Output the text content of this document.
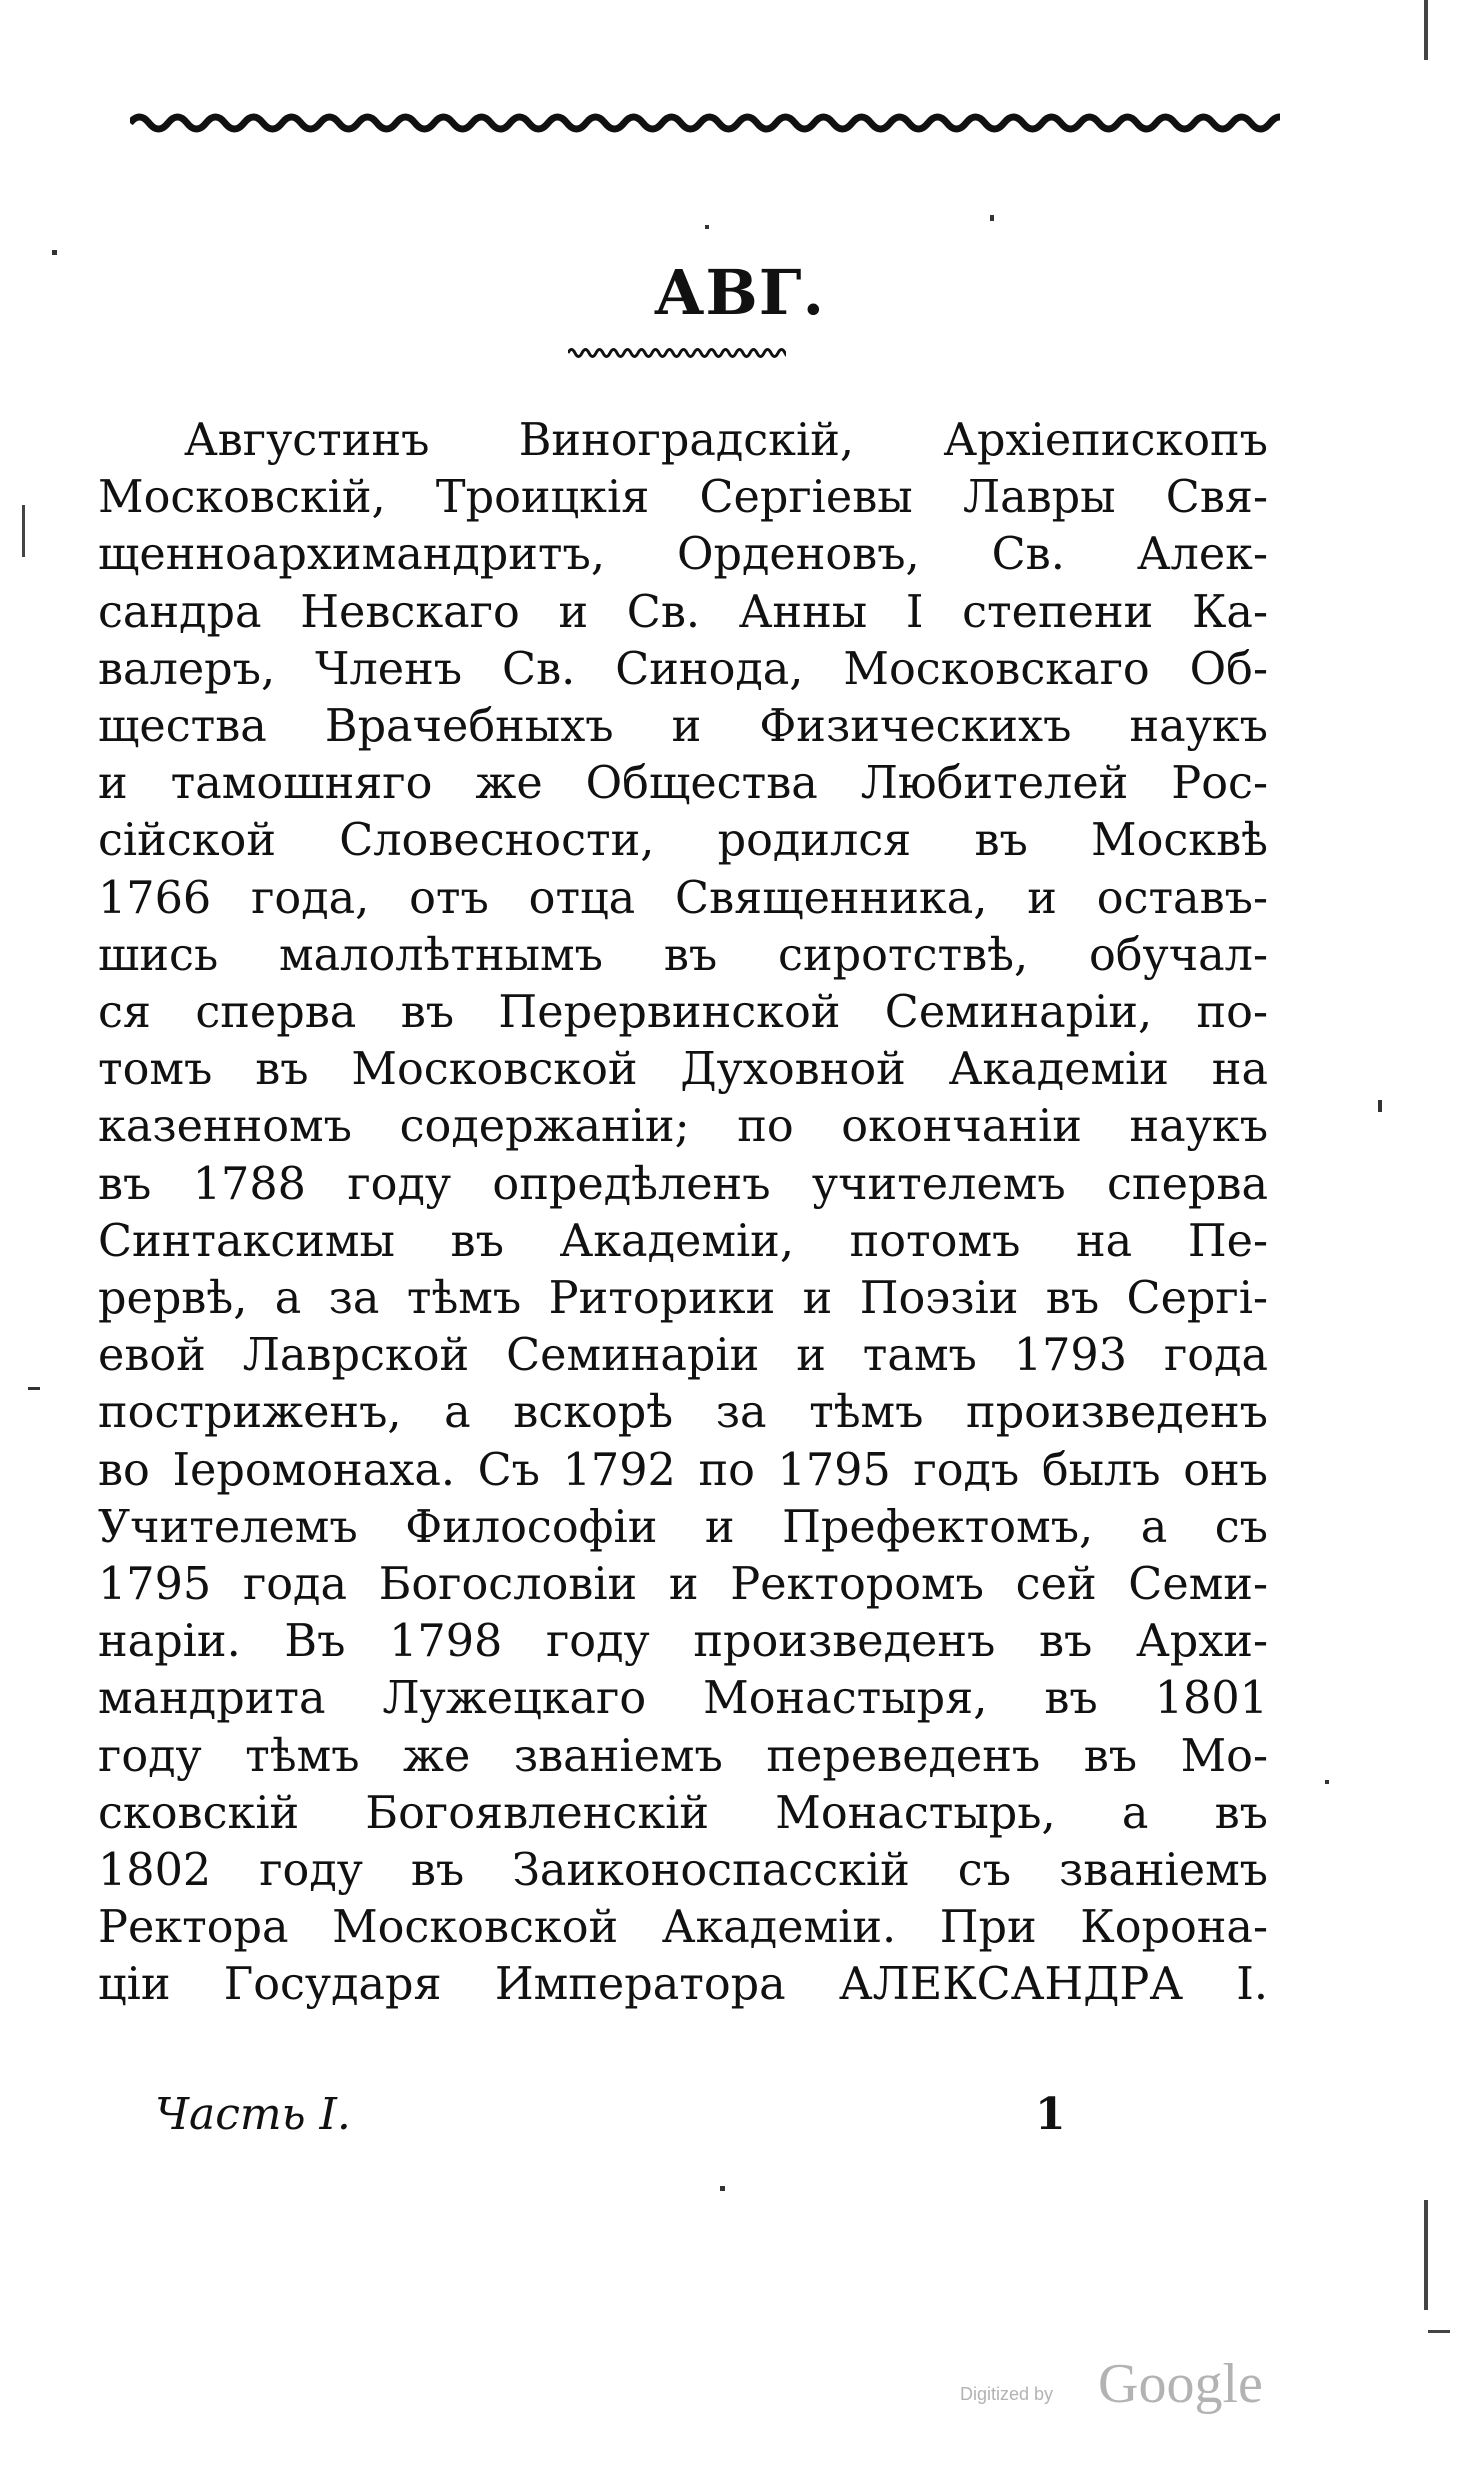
АВГ.
Августинъ Виноградскій, Архіепископъ
Московскій, Троицкія Сергіевы Лавры Свя-
щенноархимандритъ, Орденовъ, Св. Алек-
сандра Невскаго и Св. Анны I степени Ка-
валеръ, Членъ Св. Синода, Московскаго Об-
щества Врачебныхъ и Физическихъ наукъ
и тамошняго же Общества Любителей Рос-
сійской Словесности, родился въ Москвѣ
1766 года, отъ отца Священника, и оставъ-
шись малолѣтнымъ въ сиротствѣ, обучал-
ся сперва въ Перервинской Семинаріи, по-
томъ въ Московской Духовной Академіи на
казенномъ содержаніи; по окончаніи наукъ
въ 1788 году опредѣленъ учителемъ сперва
Синтаксимы въ Академіи, потомъ на Пе-
рервѣ, а за тѣмъ Риторики и Поэзіи въ Сергі-
евой Лаврской Семинаріи и тамъ 1793 года
постриженъ, а вскорѣ за тѣмъ произведенъ
во Іеромонаха. Съ 1792 по 1795 годъ былъ онъ
Учителемъ Философіи и Префектомъ, а съ
1795 года Богословіи и Ректоромъ сей Семи-
наріи. Въ 1798 году произведенъ въ Архи-
мандрита Лужецкаго Монастыря, въ 1801
году тѣмъ же званіемъ переведенъ въ Мо-
сковскій Богоявленскій Монастырь, а въ
1802 году въ Заиконоспасскій съ званіемъ
Ректора Московской Академіи. При Корона-
ціи Государя Императора АЛЕКСАНДРА I.
Часть I.	1
Digitized by Google
